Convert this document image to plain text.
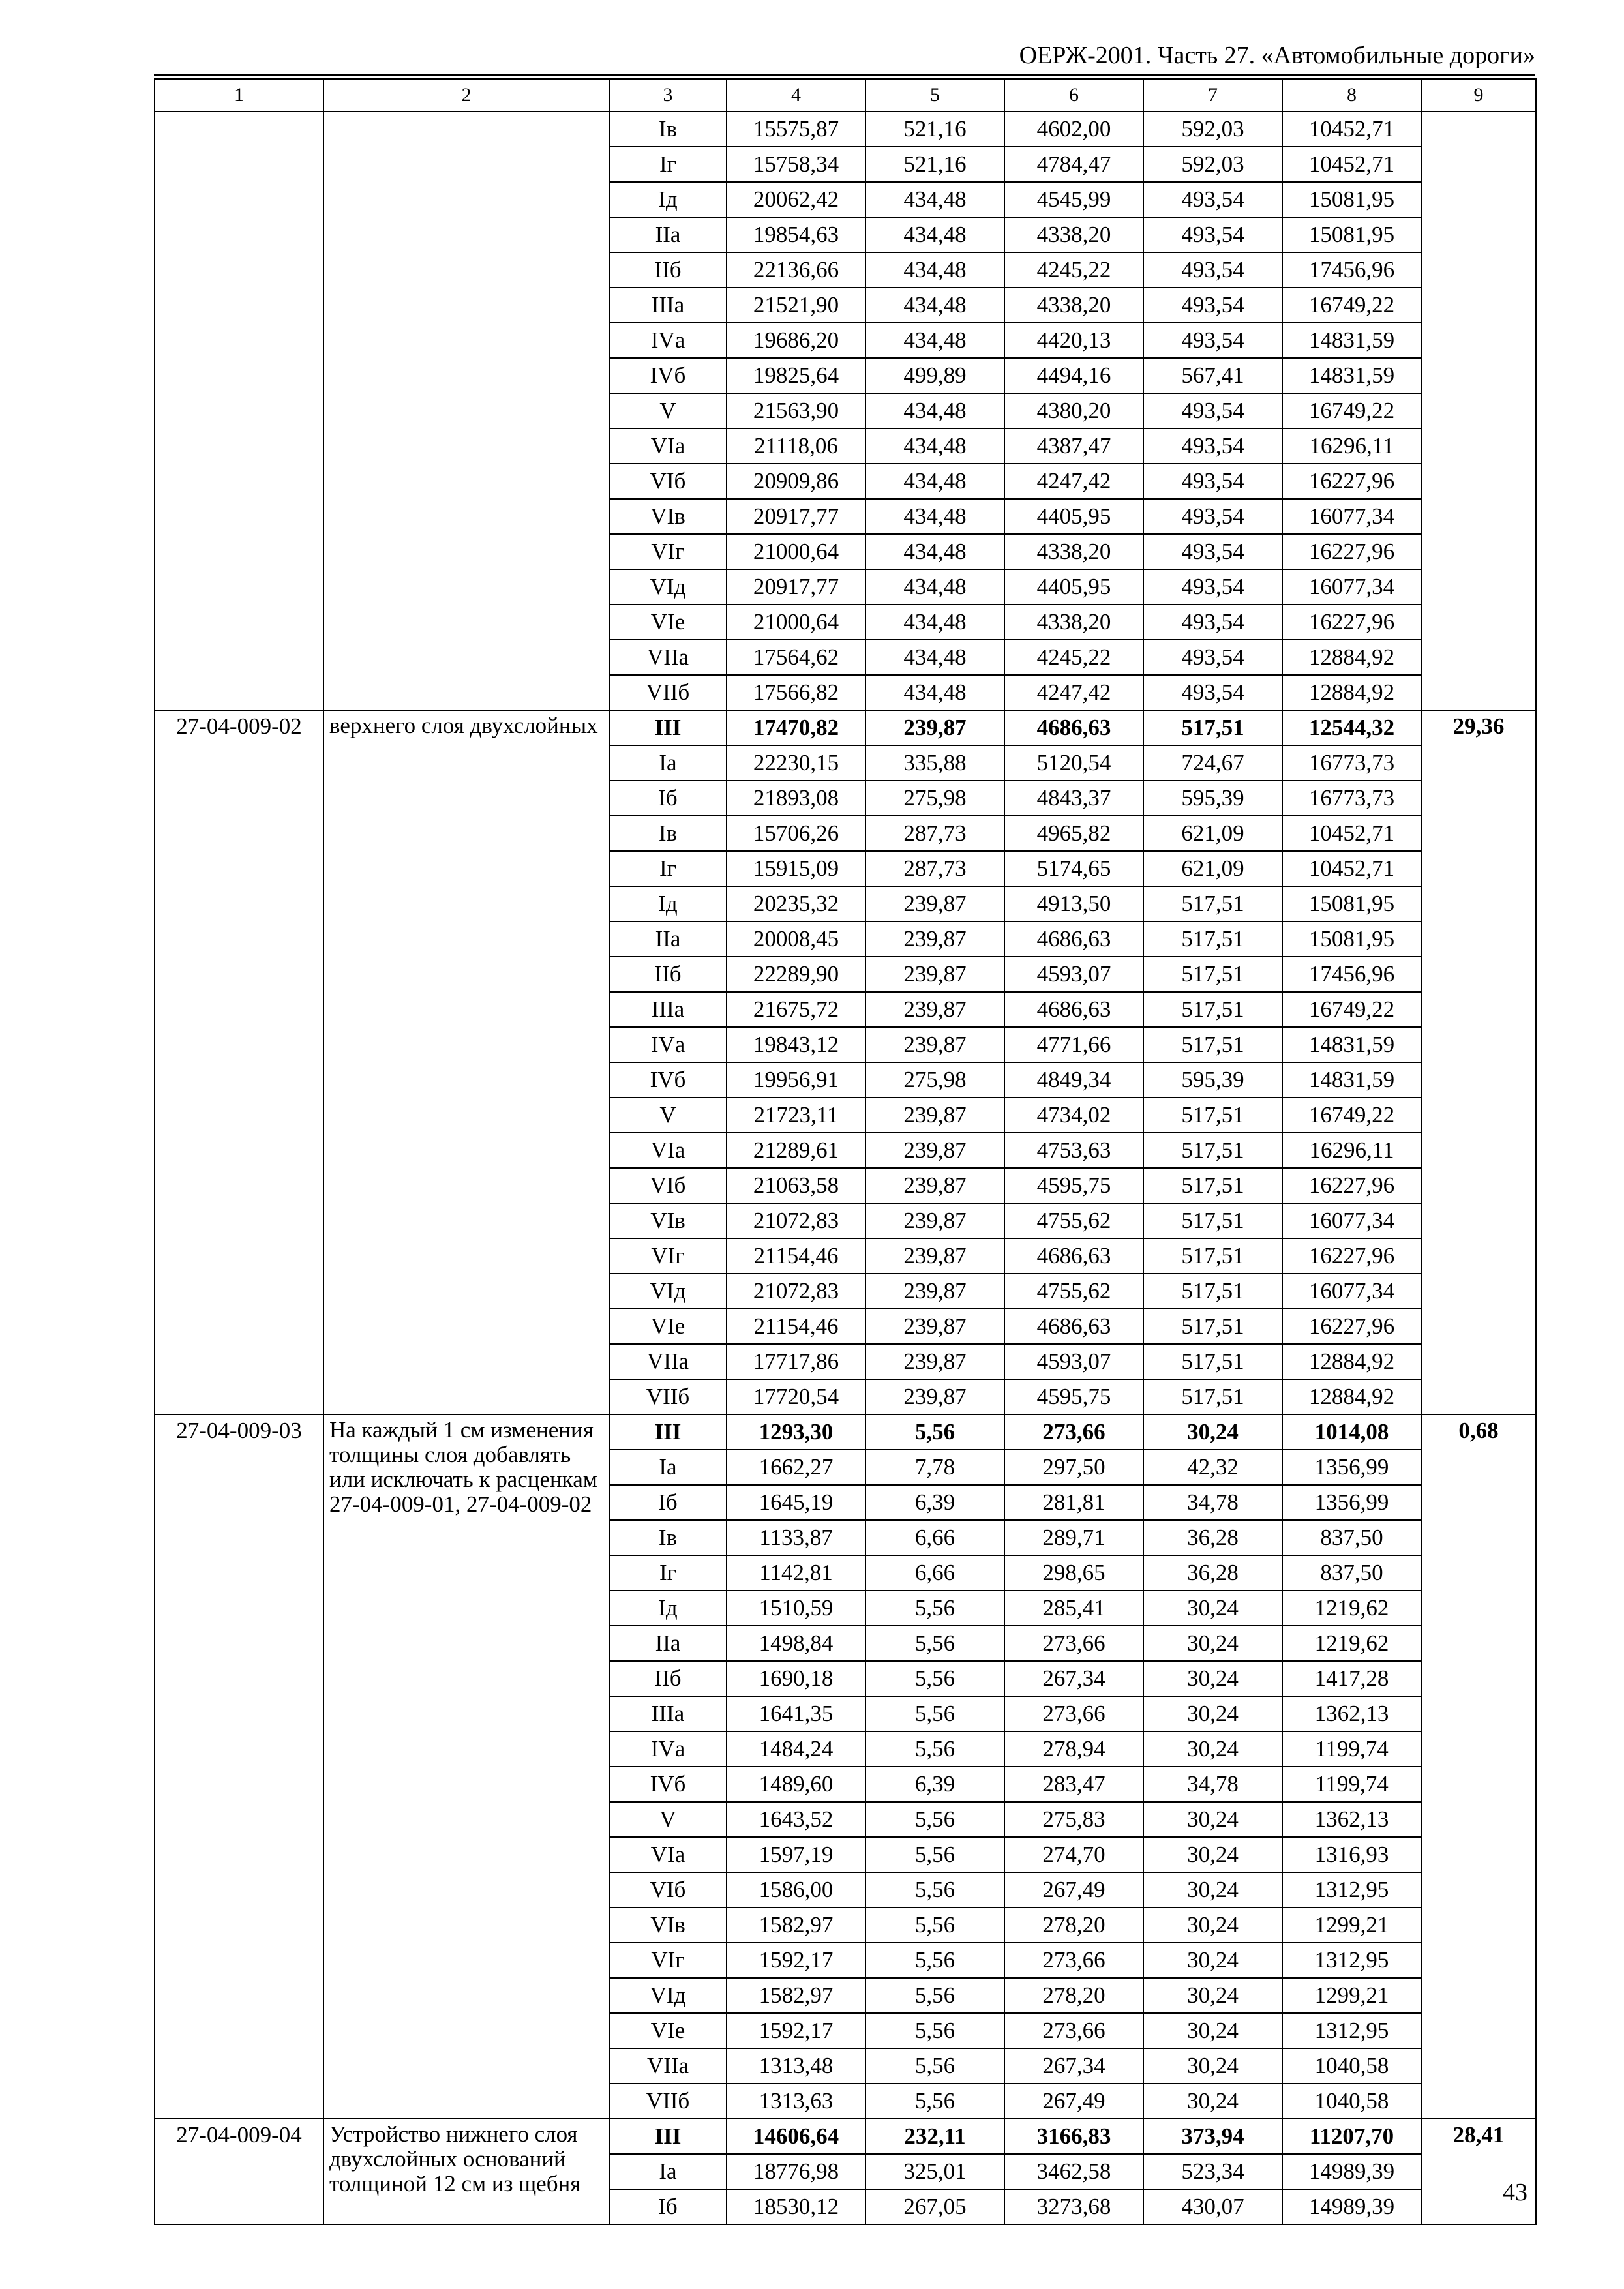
ОЕРЖ-2001. Часть 27. «Автомобильные дороги»
1	2	3	4	5	6	7	8	9
		Iв	15575,87	521,16	4602,00	592,03	10452,71	
		Iг	15758,34	521,16	4784,47	592,03	10452,71	
		Iд	20062,42	434,48	4545,99	493,54	15081,95	
		IIа	19854,63	434,48	4338,20	493,54	15081,95	
		IIб	22136,66	434,48	4245,22	493,54	17456,96	
		IIIа	21521,90	434,48	4338,20	493,54	16749,22	
		IVа	19686,20	434,48	4420,13	493,54	14831,59	
		IVб	19825,64	499,89	4494,16	567,41	14831,59	
		V	21563,90	434,48	4380,20	493,54	16749,22	
		VIа	21118,06	434,48	4387,47	493,54	16296,11	
		VIб	20909,86	434,48	4247,42	493,54	16227,96	
		VIв	20917,77	434,48	4405,95	493,54	16077,34	
		VIг	21000,64	434,48	4338,20	493,54	16227,96	
		VIд	20917,77	434,48	4405,95	493,54	16077,34	
		VIе	21000,64	434,48	4338,20	493,54	16227,96	
		VIIа	17564,62	434,48	4245,22	493,54	12884,92	
		VIIб	17566,82	434,48	4247,42	493,54	12884,92	
27-04-009-02	верхнего слоя двухслойных	III	17470,82	239,87	4686,63	517,51	12544,32	29,36
		Iа	22230,15	335,88	5120,54	724,67	16773,73	
		Iб	21893,08	275,98	4843,37	595,39	16773,73	
		Iв	15706,26	287,73	4965,82	621,09	10452,71	
		Iг	15915,09	287,73	5174,65	621,09	10452,71	
		Iд	20235,32	239,87	4913,50	517,51	15081,95	
		IIа	20008,45	239,87	4686,63	517,51	15081,95	
		IIб	22289,90	239,87	4593,07	517,51	17456,96	
		IIIа	21675,72	239,87	4686,63	517,51	16749,22	
		IVа	19843,12	239,87	4771,66	517,51	14831,59	
		IVб	19956,91	275,98	4849,34	595,39	14831,59	
		V	21723,11	239,87	4734,02	517,51	16749,22	
		VIа	21289,61	239,87	4753,63	517,51	16296,11	
		VIб	21063,58	239,87	4595,75	517,51	16227,96	
		VIв	21072,83	239,87	4755,62	517,51	16077,34	
		VIг	21154,46	239,87	4686,63	517,51	16227,96	
		VIд	21072,83	239,87	4755,62	517,51	16077,34	
		VIе	21154,46	239,87	4686,63	517,51	16227,96	
		VIIа	17717,86	239,87	4593,07	517,51	12884,92	
		VIIб	17720,54	239,87	4595,75	517,51	12884,92	
27-04-009-03	На каждый 1 см изменения толщины слоя добавлять или исключать к расценкам 27-04-009-01, 27-04-009-02	III	1293,30	5,56	273,66	30,24	1014,08	0,68
		Iа	1662,27	7,78	297,50	42,32	1356,99	
		Iб	1645,19	6,39	281,81	34,78	1356,99	
		Iв	1133,87	6,66	289,71	36,28	837,50	
		Iг	1142,81	6,66	298,65	36,28	837,50	
		Iд	1510,59	5,56	285,41	30,24	1219,62	
		IIа	1498,84	5,56	273,66	30,24	1219,62	
		IIб	1690,18	5,56	267,34	30,24	1417,28	
		IIIа	1641,35	5,56	273,66	30,24	1362,13	
		IVа	1484,24	5,56	278,94	30,24	1199,74	
		IVб	1489,60	6,39	283,47	34,78	1199,74	
		V	1643,52	5,56	275,83	30,24	1362,13	
		VIа	1597,19	5,56	274,70	30,24	1316,93	
		VIб	1586,00	5,56	267,49	30,24	1312,95	
		VIв	1582,97	5,56	278,20	30,24	1299,21	
		VIг	1592,17	5,56	273,66	30,24	1312,95	
		VIд	1582,97	5,56	278,20	30,24	1299,21	
		VIе	1592,17	5,56	273,66	30,24	1312,95	
		VIIа	1313,48	5,56	267,34	30,24	1040,58	
		VIIб	1313,63	5,56	267,49	30,24	1040,58	
27-04-009-04	Устройство нижнего слоя двухслойных оснований толщиной 12 см из щебня	III	14606,64	232,11	3166,83	373,94	11207,70	28,41
		Iа	18776,98	325,01	3462,58	523,34	14989,39	
		Iб	18530,12	267,05	3273,68	430,07	14989,39	
43
